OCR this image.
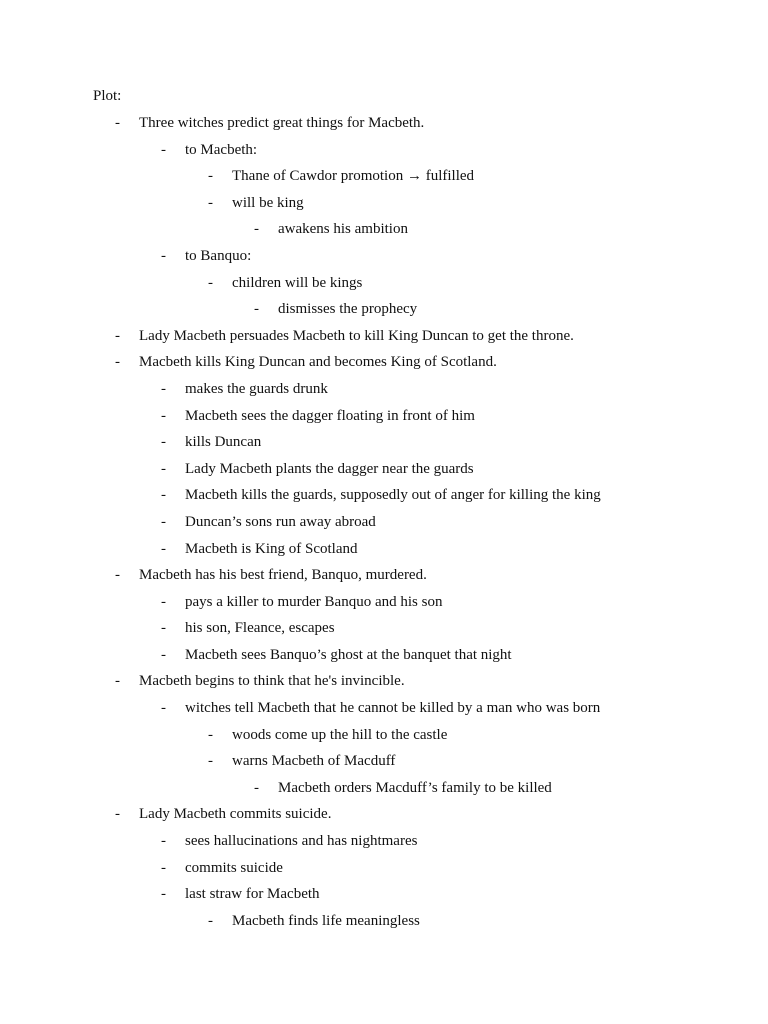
Plot:
- Three witches predict great things for Macbeth.
- to Macbeth:
- Thane of Cawdor promotion → fulfilled
- will be king
- awakens his ambition
- to Banquo:
- children will be kings
- dismisses the prophecy
- Lady Macbeth persuades Macbeth to kill King Duncan to get the throne.
- Macbeth kills King Duncan and becomes King of Scotland.
- makes the guards drunk
- Macbeth sees the dagger floating in front of him
- kills Duncan
- Lady Macbeth plants the dagger near the guards
- Macbeth kills the guards, supposedly out of anger for killing the king
- Duncan’s sons run away abroad
- Macbeth is King of Scotland
- Macbeth has his best friend, Banquo, murdered.
- pays a killer to murder Banquo and his son
- his son, Fleance, escapes
- Macbeth sees Banquo’s ghost at the banquet that night
- Macbeth begins to think that he's invincible.
- witches tell Macbeth that he cannot be killed by a man who was born
- woods come up the hill to the castle
- warns Macbeth of Macduff
- Macbeth orders Macduff’s family to be killed
- Lady Macbeth commits suicide.
- sees hallucinations and has nightmares
- commits suicide
- last straw for Macbeth
- Macbeth finds life meaningless
